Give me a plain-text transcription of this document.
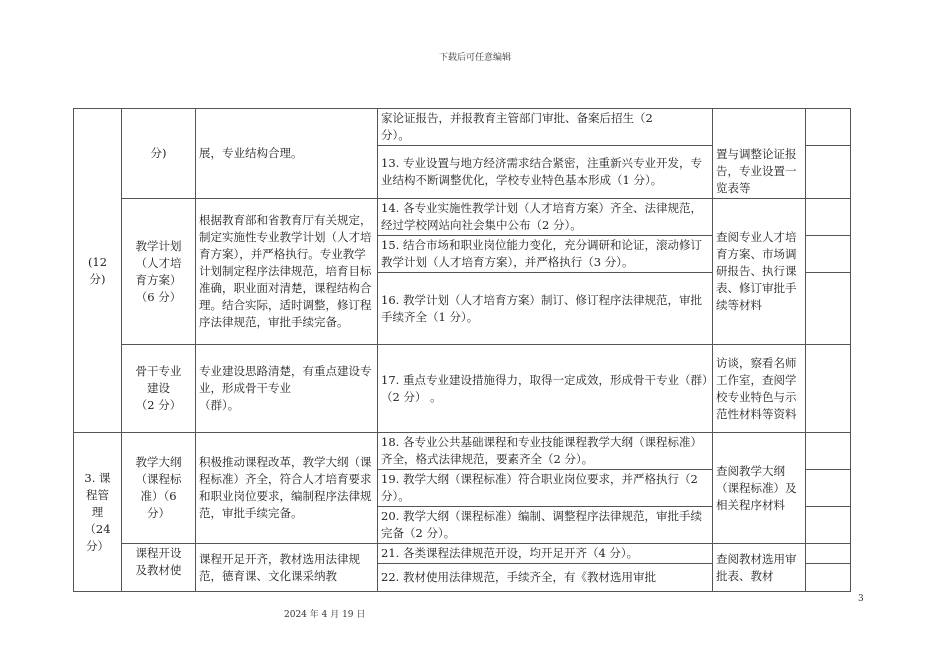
下载后可任意编辑
(12
分)	分)	展，专业结构合理。	家论证报告，并报教育主管部门审批、备案后招生（2
分）。	置与调整论证报告，专业设置一览表等	
			13. 专业设置与地方经济需求结合紧密，注重新兴专业开发，专业结构不断调整优化，学校专业特色基本形成（1 分）。		
	教学计划
（人才培
育方案）
（6 分）	根据教育部和省教育厅有关规定，制定实施性专业教学计划（人才培育方案），并严格执行。专业教学计划制定程序法律规范，培育目标准确，职业面对清楚，课程结构合理。结合实际，适时调整，修订程序法律规范，审批手续完备。	14. 各专业实施性教学计划（人才培育方案）齐全、法律规范，经过学校网站向社会集中公布（2 分）。	查阅专业人才培育方案、市场调研报告、执行课表、修订审批手续等材料	
			15. 结合市场和职业岗位能力变化，充分调研和论证，滚动修订教学计划（人才培育方案），并严格执行（3 分）。		
			16. 教学计划（人才培育方案）制订、修订程序法律规范，审批手续齐全（1 分）。		
	骨干专业
建设
（2 分）	专业建设思路清楚，有重点建设专业，形成骨干专业
（群）。	17. 重点专业建设措施得力，取得一定成效，形成骨干专业（群）（2 分） 。	访谈，察看名师工作室，查阅学校专业特色与示范性材料等资料	
3. 课
程管
理
（24
分）	教学大纲
（课程标
准）（6
分）	积极推动课程改革，教学大纲（课程标准）齐全，符合人才培育要求和职业岗位要求，编制程序法律规范，审批手续完备。	18. 各专业公共基础课程和专业技能课程教学大纲（课程标准）齐全，格式法律规范，要素齐全（2 分）。	查阅教学大纲（课程标准）及相关程序材料	
			19. 教学大纲（课程标准）符合职业岗位要求，并严格执行（2 分）。		
			20. 教学大纲（课程标准）编制、调整程序法律规范，审批手续完备（2 分）。		
	课程开设
及教材使	课程开足开齐，教材选用法律规范，德育课、文化课采纳教	21. 各类课程法律规范开设，均开足开齐（4 分）。	查阅教材选用审批表、教材	
			22. 教材使用法律规范，手续齐全，有《教材选用审批		
3
2024 年 4 月 19 日
